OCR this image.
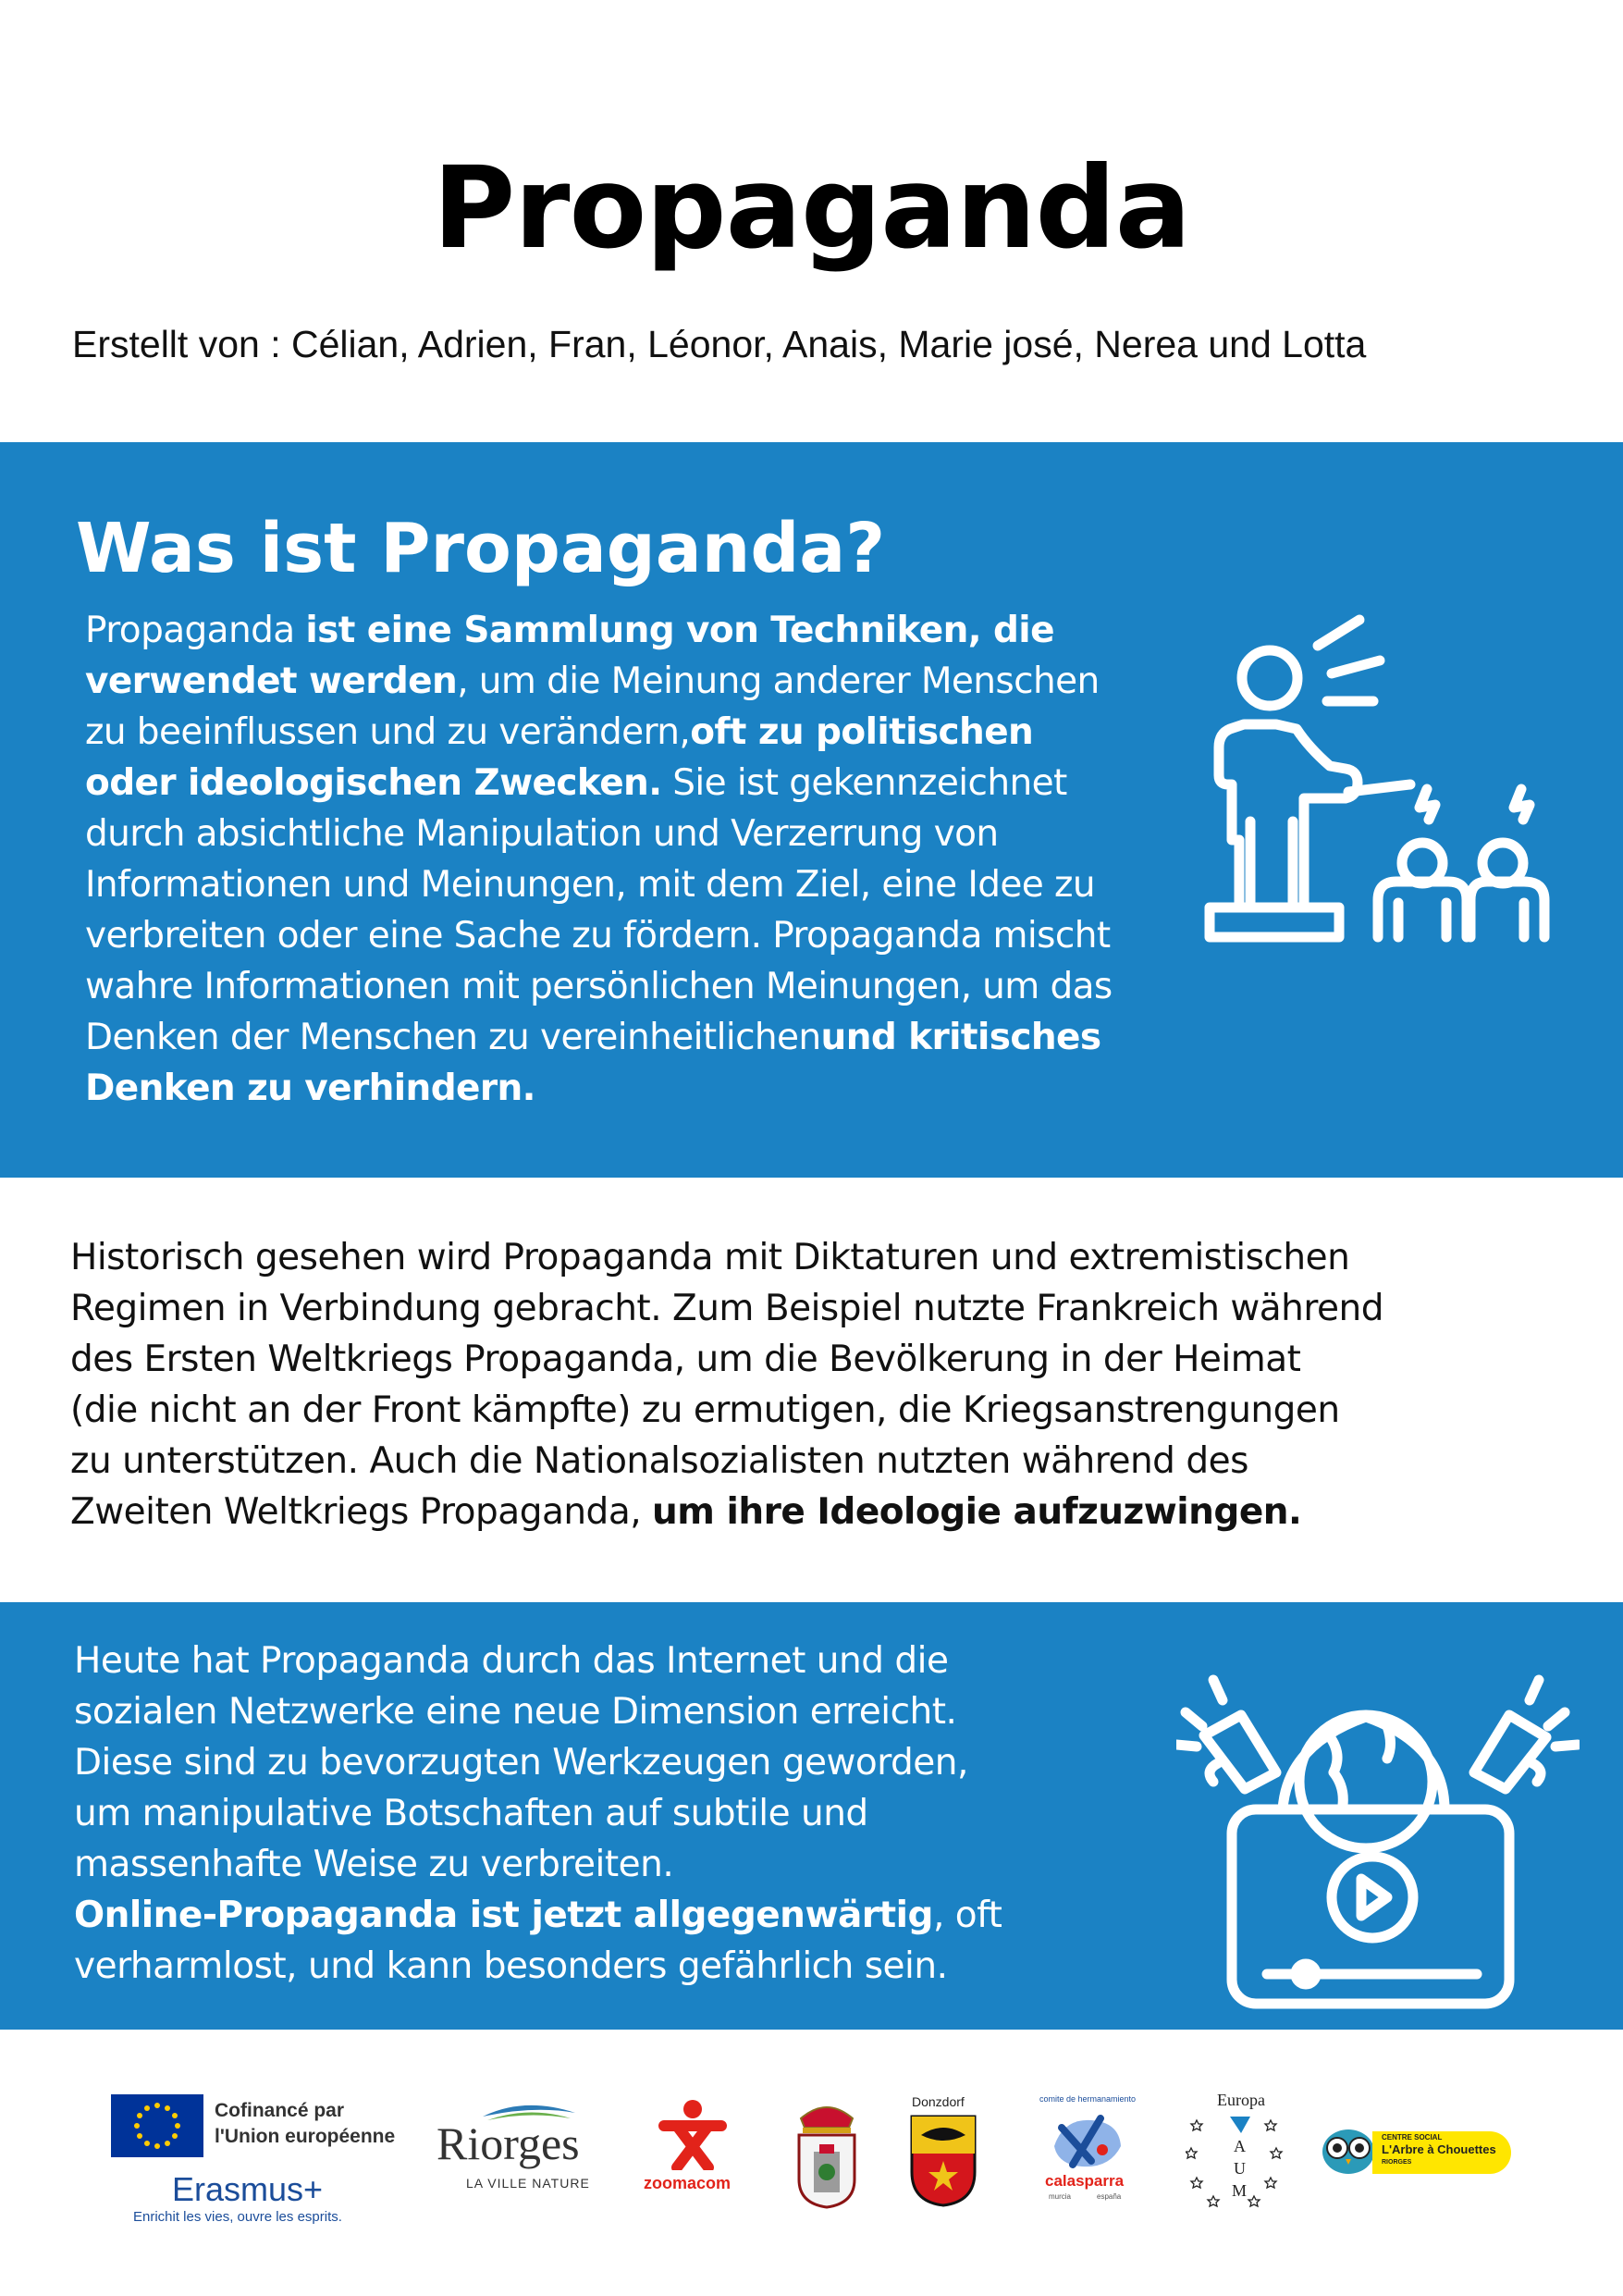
Propaganda
Erstellt von : Célian, Adrien, Fran, Léonor, Anais, Marie josé, Nerea und Lotta
Was ist Propaganda?

Propaganda ist eine Sammlung von Techniken, die
verwendet werden, um die Meinung anderer Menschen
zu beeinflussen und zu verändern,oft zu politischen
oder ideologischen Zwecken. Sie ist gekennzeichnet
durch absichtliche Manipulation und Verzerrung von
Informationen und Meinungen, mit dem Ziel, eine Idee zu
verbreiten oder eine Sache zu fördern. Propaganda mischt
wahre Informationen mit persönlichen Meinungen, um das
Denken der Menschen zu vereinheitlichenund kritisches
Denken zu verhindern.

Historisch gesehen wird Propaganda mit Diktaturen und extremistischen
Regimen in Verbindung gebracht. Zum Beispiel nutzte Frankreich während
des Ersten Weltkriegs Propaganda, um die Bevölkerung in der Heimat
(die nicht an der Front kämpfte) zu ermutigen, die Kriegsanstrengungen
zu unterstützen. Auch die Nationalsozialisten nutzten während des
Zweiten Weltkriegs Propaganda, um ihre Ideologie aufzuzwingen.

Heute hat Propaganda durch das Internet und die
sozialen Netzwerke eine neue Dimension erreicht.
Diese sind zu bevorzugten Werkzeugen geworden,
um manipulative Botschaften auf subtile und
massenhafte Weise zu verbreiten.
Online-Propaganda ist jetzt allgegenwärtig, oft
verharmlost, und kann besonders gefährlich sein.

Cofinancé par
l'Union européenne
Erasmus+
Enrichit les vies, ouvre les esprits.
Riorges
LA VILLE NATURE	zoomacom
Donzdorf	comite de hermanamiento
calasparra
murcia	españa
Europa
A
U
M
CENTRE SOCIAL
L'Arbre à Chouettes
RIORGES
